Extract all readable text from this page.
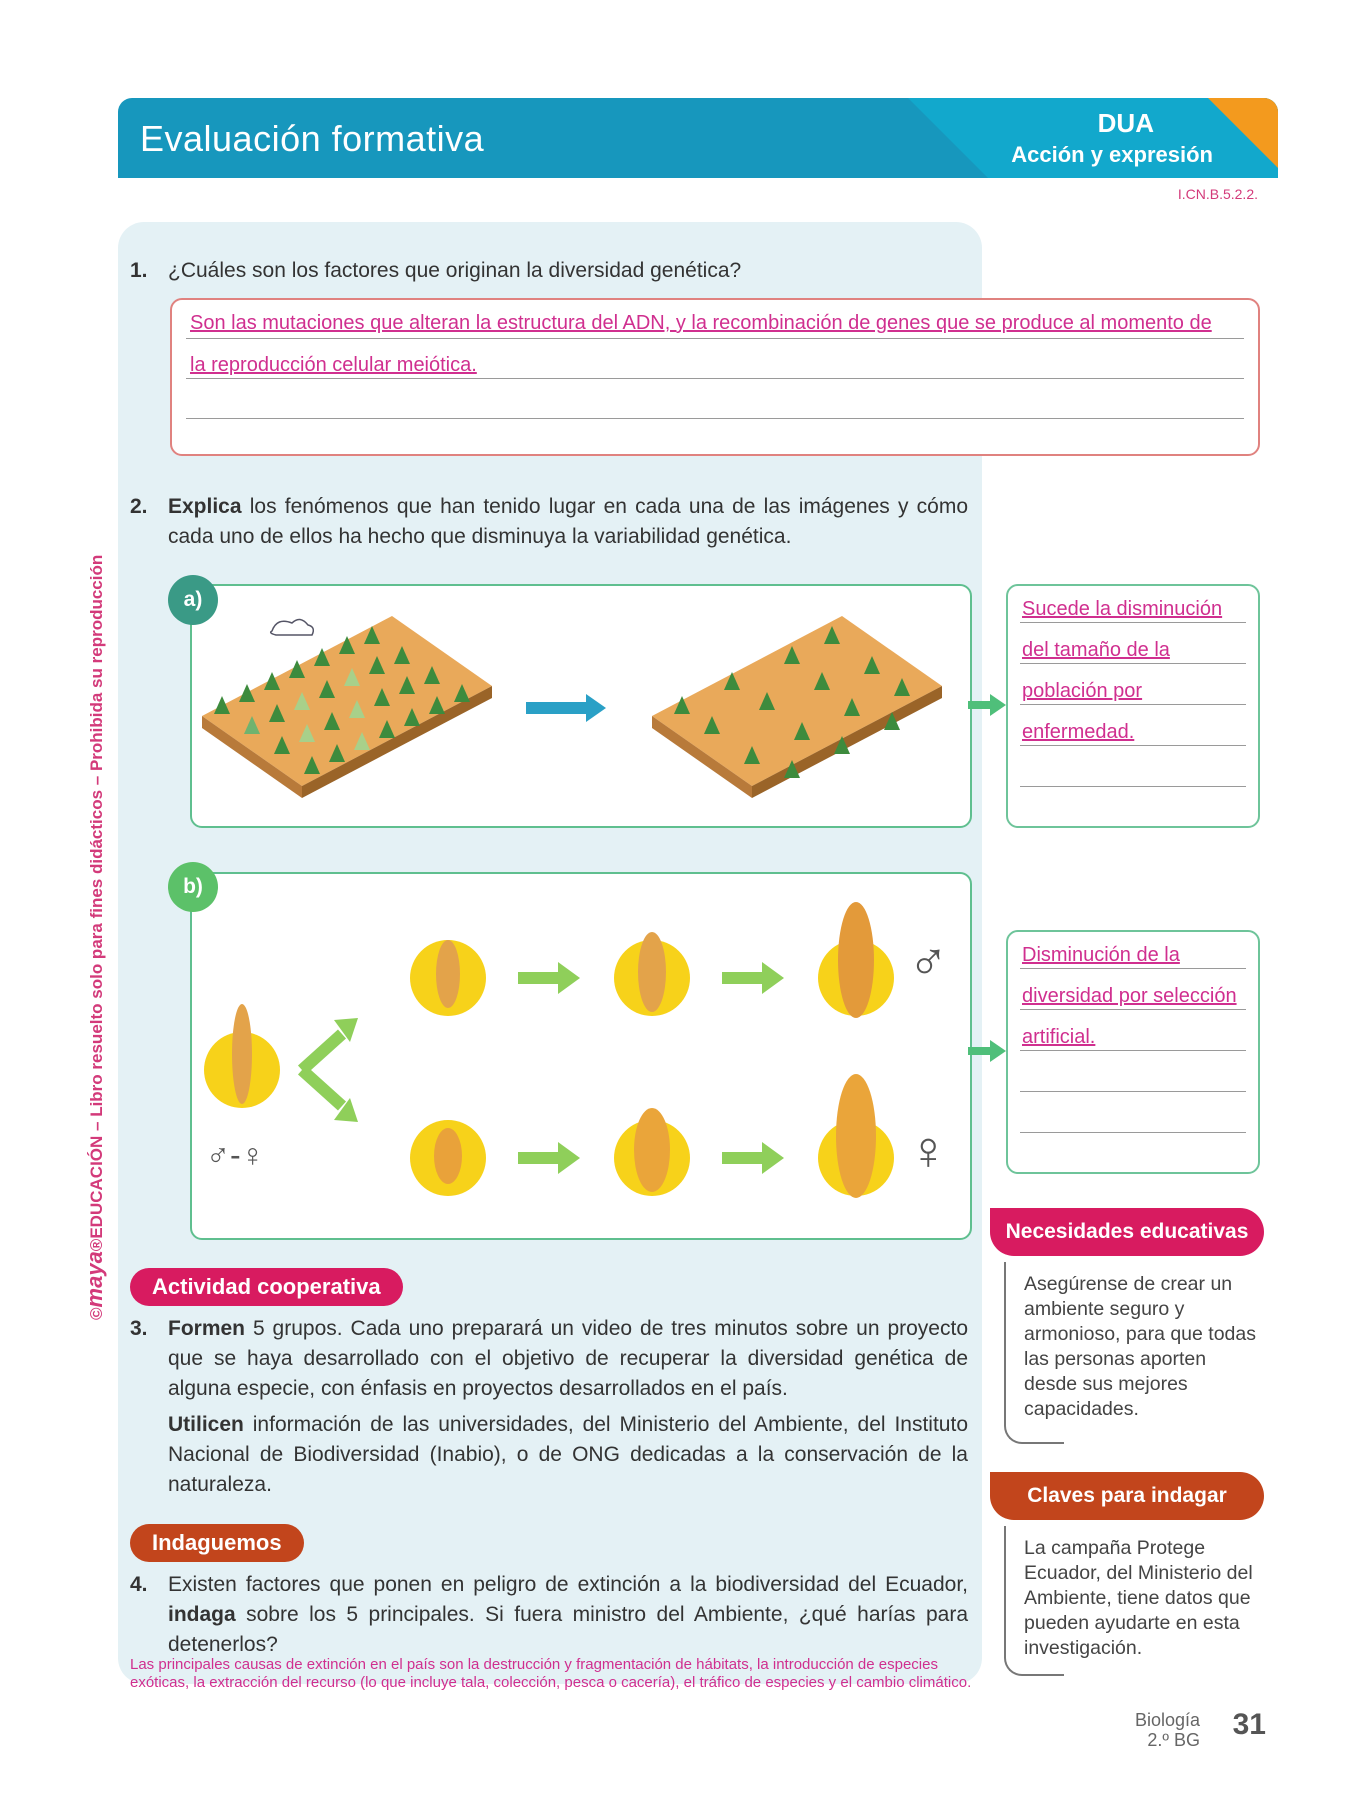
Evaluación formativa	DUA
Acción y expresión
I.CN.B.5.2.2.
©maya®EDUCACIÓN – Libro resuelto solo para fines didácticos – Prohibida su reproducción
1. ¿Cuáles son los factores que originan la diversidad genética?
Son las mutaciones que alteran la estructura del ADN, y la recombinación de genes que se produce al momento de
la reproducción celular meiótica.
2. Explica los fenómenos que han tenido lugar en cada una de las imágenes y cómo cada uno de ellos ha hecho que disminuya la variabilidad genética.
a)	Sucede la disminución
del tamaño de la
población por
enfermedad.
b)
♂
♀
♂-♀
Disminución de la
diversidad por selección
artificial.
Actividad cooperativa
3. Formen 5 grupos. Cada uno preparará un video de tres minutos sobre un proyecto que se haya desarrollado con el objetivo de recuperar la diversidad genética de alguna especie, con énfasis en proyectos desarrollados en el país.
Utilicen información de las universidades, del Ministerio del Ambiente, del Instituto Nacional de Biodiversidad (Inabio), o de ONG dedicadas a la conservación de la naturaleza.
Indaguemos
4. Existen factores que ponen en peligro de extinción a la biodiversidad del Ecuador, indaga sobre los 5 principales. Si fuera ministro del Ambiente, ¿qué harías para detenerlos?
Las principales causas de extinción en el país son la destrucción y fragmentación de hábitats, la introducción de especies exóticas, la extracción del recurso (lo que incluye tala, colección, pesca o cacería), el tráfico de especies y el cambio climático.
Necesidades educativas
Asegúrense de crear un ambiente seguro y armonioso, para que todas las personas aporten desde sus mejores capacidades.
Claves para indagar
La campaña Protege Ecuador, del Ministerio del Ambiente, tiene datos que pueden ayudarte en esta investigación.
Biología
2.º BG 31
